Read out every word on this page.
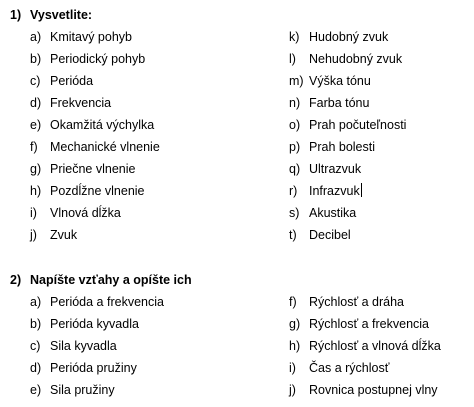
1) Vysvetlite:
a) Kmitavý pohyb
b) Periodický pohyb
c) Perióda
d) Frekvencia
e) Okamžitá výchylka
f) Mechanické vlnenie
g) Priečne vlnenie
h) Pozdĺžne vlnenie
i) Vlnová dĺžka
j) Zvuk
k) Hudobný zvuk
l) Nehudobný zvuk
m) Výška tónu
n) Farba tónu
o) Prah počuteľnosti
p) Prah bolesti
q) Ultrazvuk
r) Infrazvuk
s) Akustika
t) Decibel
2) Napíšte vzťahy a opíšte ich
a) Perióda a frekvencia
b) Perióda kyvadla
c) Sila kyvadla
d) Perióda pružiny
e) Sila pružiny
f) Rýchlosť a dráha
g) Rýchlosť a frekvencia
h) Rýchlosť a vlnová dĺžka
i) Čas a rýchlosť
j) Rovnica postupnej vlny
